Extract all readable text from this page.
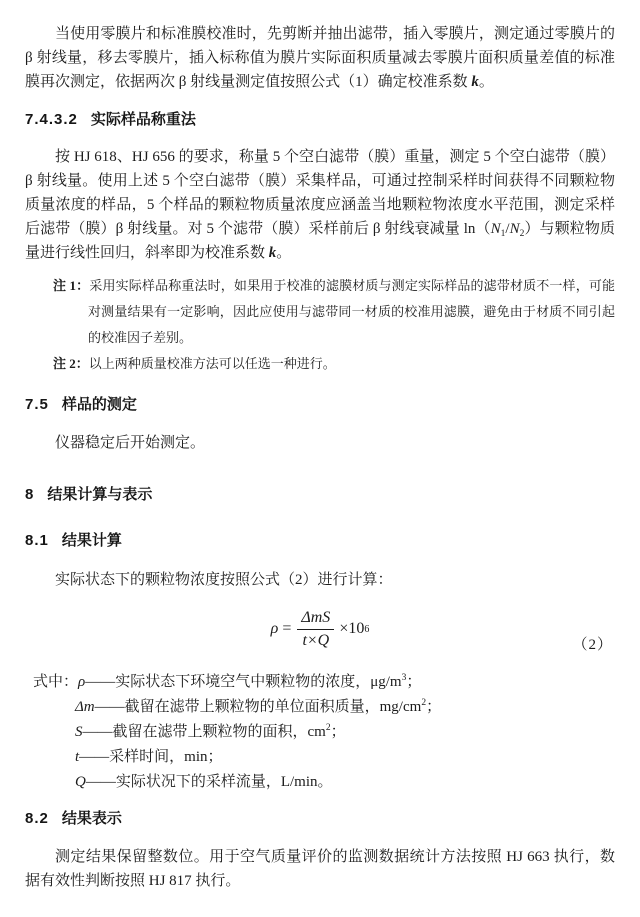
当使用零膜片和标准膜校准时，先剪断并抽出滤带，插入零膜片，测定通过零膜片的 β 射线量，移去零膜片，插入标称值为膜片实际面积质量减去零膜片面积质量差值的标准膜再次测定，依据两次 β 射线量测定值按照公式（1）确定校准系数 k。

7.4.3.2 实际样品称重法

按 HJ 618、HJ 656 的要求，称量 5 个空白滤带（膜）重量，测定 5 个空白滤带（膜）β 射线量。使用上述 5 个空白滤带（膜）采集样品，可通过控制采样时间获得不同颗粒物质量浓度的样品，5 个样品的颗粒物质量浓度应涵盖当地颗粒物浓度水平范围，测定采样后滤带（膜）β 射线量。对 5 个滤带（膜）采样前后 β 射线衰减量 $\ln(N_1/N_2)$与颗粒物质量进行线性回归，斜率即为校准系数 k。

注 1：采用实际样品称重法时，如果用于校准的滤膜材质与测定实际样品的滤带材质不一样，可能对测量结果有一定影响，因此应使用与滤带同一材质的校准用滤膜，避免由于材质不同引起的校准因子差别。

注 2：以上两种质量校准方法可以任选一种进行。

7.5 样品的测定

仪器稳定后开始测定。

8 结果计算与表示

8.1 结果计算

实际状态下的颗粒物浓度按照公式（2）进行计算：

$\rho = \frac{\text{ΔmS}}{t\times Q} \times 10$ 6
（2）

式中：ρ——实际状态下环境空气中颗粒物的浓度，$\mu g/m^3$；

Δm——截留在滤带上颗粒物的单位面积质量，$mg/cm^2$；

S——截留在滤带上颗粒物的面积，$cm^2$；

t——采样时间，min；

Q——实际状况下的采样流量，L/min。

8.2 结果表示

测定结果保留整数位。用于空气质量评价的监测数据统计方法按照 HJ 663 执行，数据有效性判断按照 HJ 817 执行。
